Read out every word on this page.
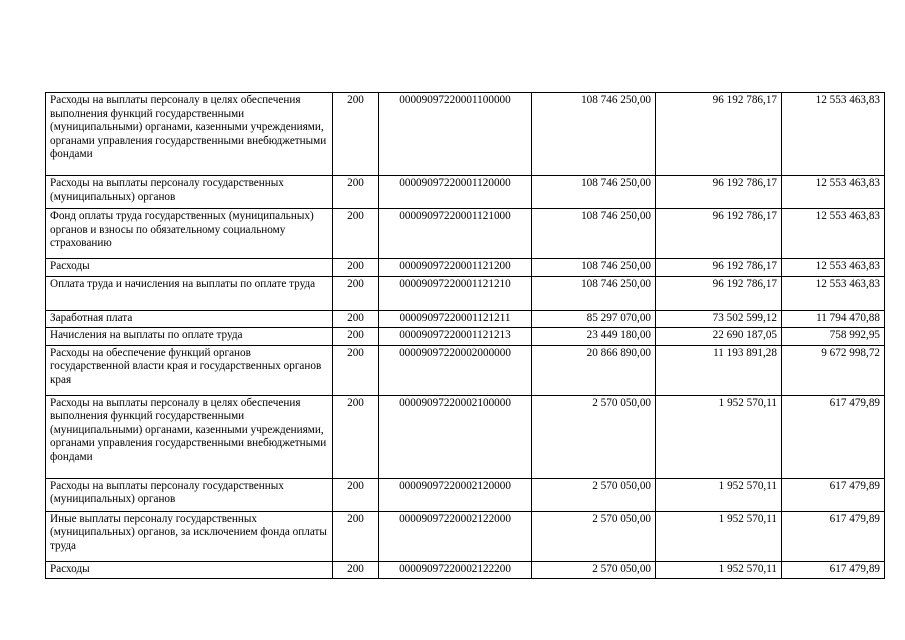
Расходы на выплаты персоналу в целях обеспечения выполнения функций государственными (муниципальными) органами, казенными учреждениями, органами управления государственными внебюджетными фондами	200	00009097220001100000	108 746 250,00	96 192 786,17	12 553 463,83
Расходы на выплаты персоналу государственных (муниципальных) органов	200	00009097220001120000	108 746 250,00	96 192 786,17	12 553 463,83
Фонд оплаты труда государственных (муниципальных) органов и взносы по обязательному социальному страхованию	200	00009097220001121000	108 746 250,00	96 192 786,17	12 553 463,83
Расходы	200	00009097220001121200	108 746 250,00	96 192 786,17	12 553 463,83
Оплата труда и начисления на выплаты по оплате труда	200	00009097220001121210	108 746 250,00	96 192 786,17	12 553 463,83
Заработная плата	200	00009097220001121211	85 297 070,00	73 502 599,12	11 794 470,88
Начисления на выплаты по оплате труда	200	00009097220001121213	23 449 180,00	22 690 187,05	758 992,95
Расходы на обеспечение функций органов государственной власти края и государственных органов края	200	00009097220002000000	20 866 890,00	11 193 891,28	9 672 998,72
Расходы на выплаты персоналу в целях обеспечения выполнения функций государственными (муниципальными) органами, казенными учреждениями, органами управления государственными внебюджетными фондами	200	00009097220002100000	2 570 050,00	1 952 570,11	617 479,89
Расходы на выплаты персоналу государственных (муниципальных) органов	200	00009097220002120000	2 570 050,00	1 952 570,11	617 479,89
Иные выплаты персоналу государственных (муниципальных) органов, за исключением фонда оплаты труда	200	00009097220002122000	2 570 050,00	1 952 570,11	617 479,89
Расходы	200	00009097220002122200	2 570 050,00	1 952 570,11	617 479,89
